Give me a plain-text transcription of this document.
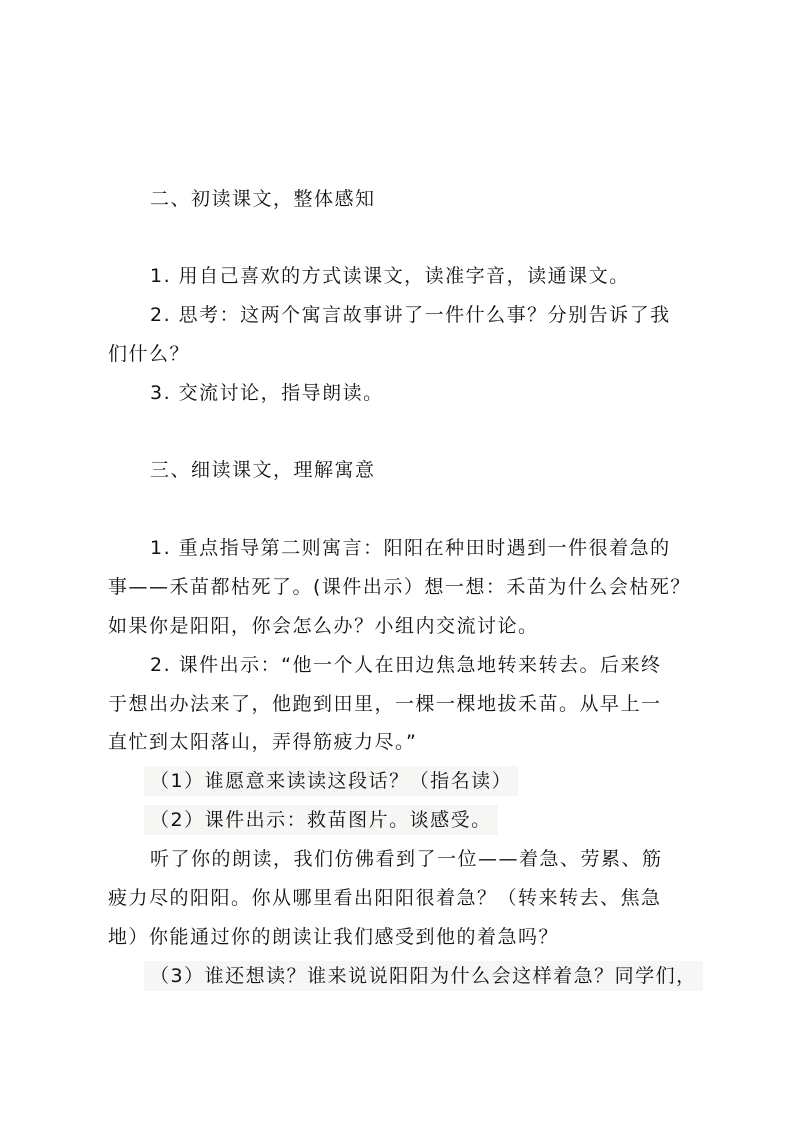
二、初读课文，整体感知
1. 用自己喜欢的方式读课文，读准字音，读通课文。
2. 思考：这两个寓言故事讲了一件什么事？分别告诉了我
们什么？
3. 交流讨论，指导朗读。
三、细读课文，理解寓意
1. 重点指导第二则寓言：阳阳在种田时遇到一件很着急的
事——禾苗都枯死了。(课件出示）想一想：禾苗为什么会枯死？
如果你是阳阳，你会怎么办？小组内交流讨论。
2. 课件出示：“他一个人在田边焦急地转来转去。后来终
于想出办法来了，他跑到田里，一棵一棵地拔禾苗。从早上一
直忙到太阳落山，弄得筋疲力尽。”
（1）谁愿意来读读这段话？（指名读）
（2）课件出示：救苗图片。谈感受。
听了你的朗读，我们仿佛看到了一位——着急、劳累、筋
疲力尽的阳阳。你从哪里看出阳阳很着急？（转来转去、焦急
地）你能通过你的朗读让我们感受到他的着急吗？
（3）谁还想读？谁来说说阳阳为什么会这样着急？同学们，
